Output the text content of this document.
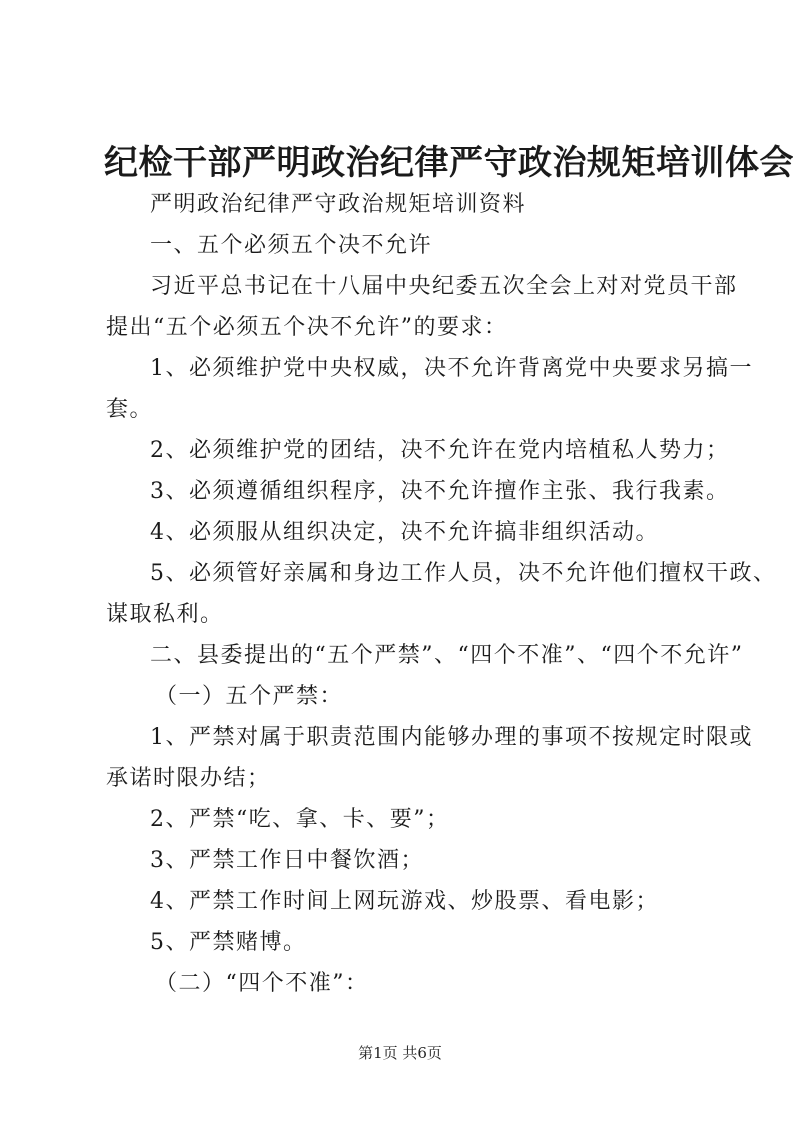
纪检干部严明政治纪律严守政治规矩培训体会
严明政治纪律严守政治规矩培训资料
一、五个必须五个决不允许
习近平总书记在十八届中央纪委五次全会上对对党员干部
提出“五个必须五个决不允许”的要求：
1、必须维护党中央权威，决不允许背离党中央要求另搞一
套。
2、必须维护党的团结，决不允许在党内培植私人势力；
3、必须遵循组织程序，决不允许擅作主张、我行我素。
4、必须服从组织决定，决不允许搞非组织活动。
5、必须管好亲属和身边工作人员，决不允许他们擅权干政、
谋取私利。
二、县委提出的“五个严禁”、“四个不准”、“四个不允许”
（一）五个严禁：
1、严禁对属于职责范围内能够办理的事项不按规定时限或
承诺时限办结；
2、严禁“吃、拿、卡、要”；
3、严禁工作日中餐饮酒；
4、严禁工作时间上网玩游戏、炒股票、看电影；
5、严禁赌博。
（二）“四个不准”：
第1页 共6页
